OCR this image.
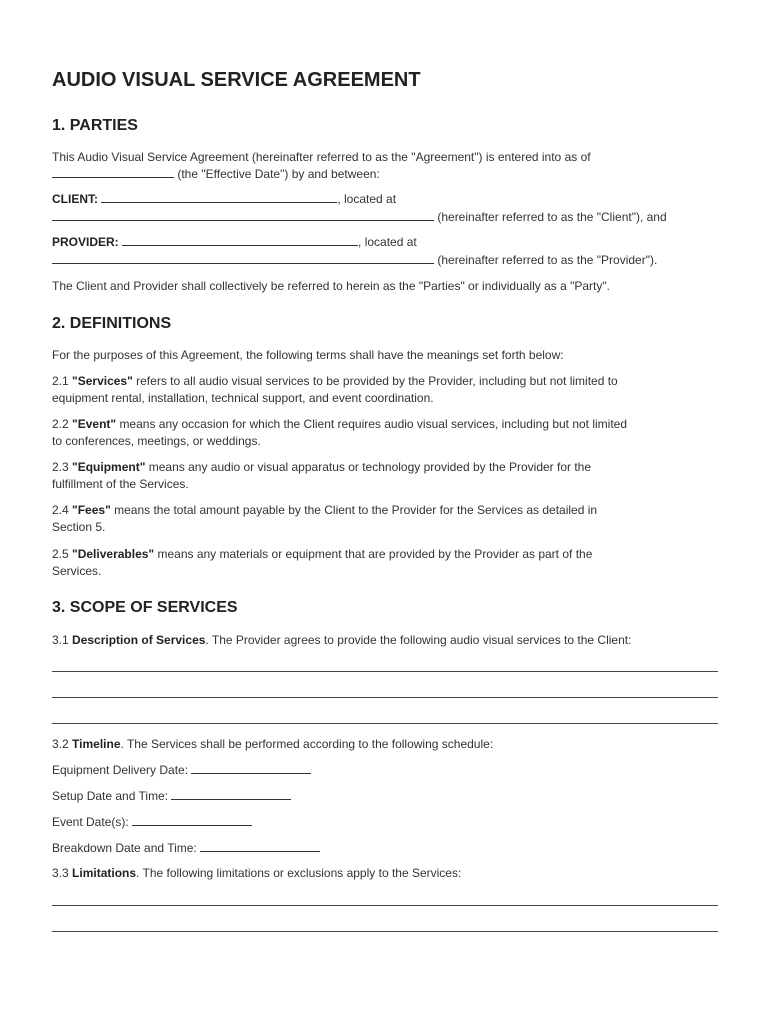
AUDIO VISUAL SERVICE AGREEMENT
1. PARTIES
This Audio Visual Service Agreement (hereinafter referred to as the "Agreement") is entered into as of
(the "Effective Date") by and between:
CLIENT:	, located at
(hereinafter referred to as the "Client"), and
PROVIDER:	, located at
(hereinafter referred to as the "Provider").
The Client and Provider shall collectively be referred to herein as the "Parties" or individually as a "Party".
2. DEFINITIONS
For the purposes of this Agreement, the following terms shall have the meanings set forth below:
2.1 "Services" refers to all audio visual services to be provided by the Provider, including but not limited to
equipment rental, installation, technical support, and event coordination.
2.2 "Event" means any occasion for which the Client requires audio visual services, including but not limited
to conferences, meetings, or weddings.
2.3 "Equipment" means any audio or visual apparatus or technology provided by the Provider for the
fulfillment of the Services.
2.4 "Fees" means the total amount payable by the Client to the Provider for the Services as detailed in
Section 5.
2.5 "Deliverables" means any materials or equipment that are provided by the Provider as part of the
Services.
3. SCOPE OF SERVICES
3.1 Description of Services. The Provider agrees to provide the following audio visual services to the Client:
3.2 Timeline. The Services shall be performed according to the following schedule:
Equipment Delivery Date:
Setup Date and Time:
Event Date(s):
Breakdown Date and Time:
3.3 Limitations. The following limitations or exclusions apply to the Services:
